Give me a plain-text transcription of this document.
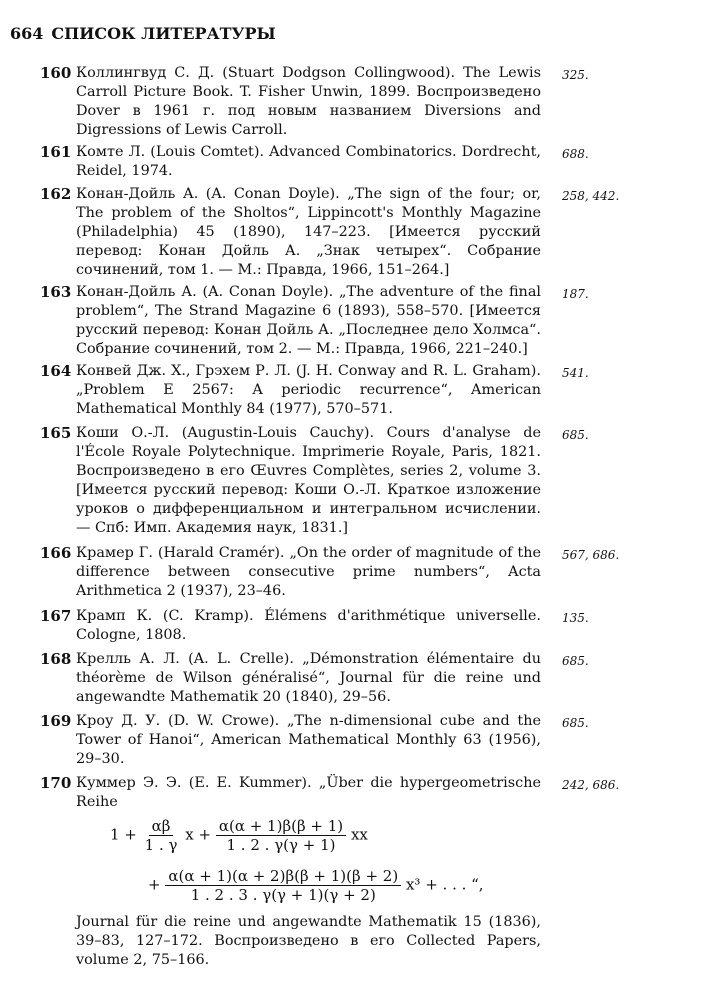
664 СПИСОК ЛИТЕРАТУРЫ
160 Коллингвуд С. Д. (Stuart Dodgson Collingwood). The Lewis Carroll Picture Book. T. Fisher Unwin, 1899. Воспроизведено Dover в 1961 г. под новым названием Diversions and Digressions of Lewis Carroll.
325.
161 Комте Л. (Louis Comtet). Advanced Combinatorics. Dordrecht, Reidel, 1974.
688.
162 Конан-Дойль А. (A. Conan Doyle). „The sign of the four; or, The problem of the Sholtos“, Lippincott's Monthly Magazine (Philadelphia) 45 (1890), 147–223. [Имеется русский перевод: Конан Дойль А. „Знак четырех“. Собрание сочинений, том 1. — М.: Правда, 1966, 151–264.]
258, 442.
163 Конан-Дойль А. (A. Conan Doyle). „The adventure of the final problem“, The Strand Magazine 6 (1893), 558–570. [Имеется русский перевод: Конан Дойль А. „Последнее дело Холмса“. Собрание сочинений, том 2. — М.: Правда, 1966, 221–240.]
187.
164 Конвей Дж. Х., Грэхем Р. Л. (J. H. Conway and R. L. Graham). „Problem E 2567: A periodic recurrence“, American Mathematical Monthly 84 (1977), 570–571.
541.
165 Коши О.-Л. (Augustin-Louis Cauchy). Cours d'analyse de l'École Royale Polytechnique. Imprimerie Royale, Paris, 1821. Воспроизведено в его Œuvres Complètes, series 2, volume 3. [Имеется русский перевод: Коши О.-Л. Краткое изложение уроков о дифференциальном и интегральном исчислении. — Спб: Имп. Академия наук, 1831.]
685.
166 Крамер Г. (Harald Cramér). „On the order of magnitude of the difference between consecutive prime numbers“, Acta Arithmetica 2 (1937), 23–46.
567, 686.
167 Крамп К. (C. Kramp). Élémens d'arithmétique universelle. Cologne, 1808.
135.
168 Крелль А. Л. (A. L. Crelle). „Démonstration élémentaire du théorème de Wilson généralisé“, Journal für die reine und angewandte Mathematik 20 (1840), 29–56.
685.
169 Кроу Д. У. (D. W. Crowe). „The n-dimensional cube and the Tower of Hanoi“, American Mathematical Monthly 63 (1956), 29–30.
685.
170 Куммер Э. Э. (E. E. Kummer). „Über die hypergeometrische Reihe
242, 686.
$1 + \frac{\alpha\beta}{1 . \gamma}$ $x + \frac{\alpha(\alpha + 1)\beta(\beta + 1)}{1 . 2 . \gamma(\gamma + 1)}$ xx
+ $\frac{\alpha(\alpha + 1)(\alpha + 2)\beta(\beta + 1)(\beta + 2)}{1 . 2 . 3 . \gamma(\gamma + 1)(\gamma + 2)} x^3$ + . . . “,
Journal für die reine und angewandte Mathematik 15 (1836), 39–83, 127–172. Воспроизведено в его Collected Papers, volume 2, 75–166.
